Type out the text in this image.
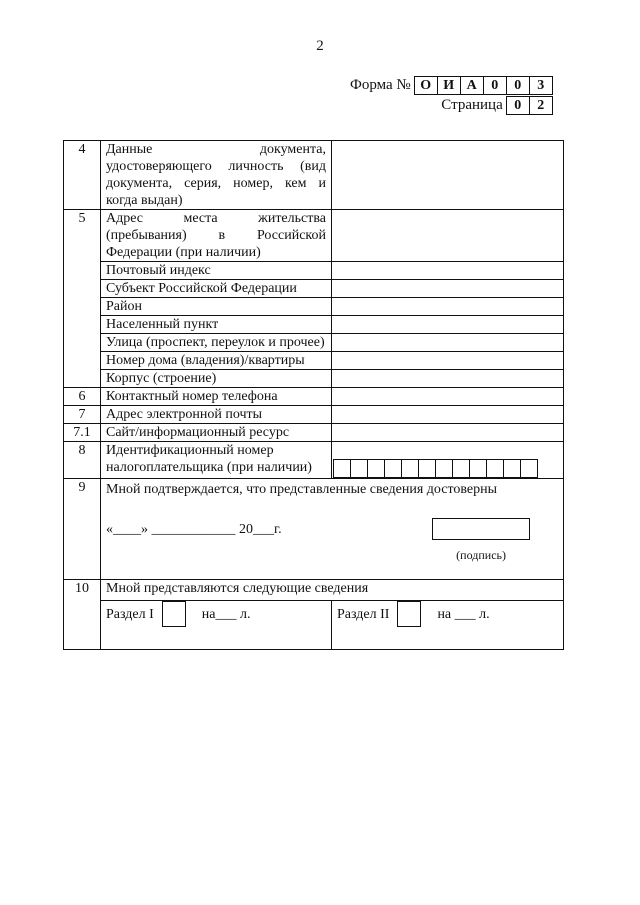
2
Форма № О И А	0	0	3
Страница 0	2
4	Данные документа, удостоверяющего личность (вид документа, серия, номер, кем и когда выдан)	
5	Адрес места жительства (пребывания) в Российской Федерации (при наличии)	
	Почтовый индекс	
	Субъект Российской Федерации	
	Район	
	Населенный пункт	
	Улица (проспект, переулок и прочее)	
	Номер дома (владения)/квартиры	
	Корпус (строение)	
6	Контактный номер телефона	
7	Адрес электронной почты	
7.1	Сайт/информационный ресурс	
8	Идентификационный номер налогоплательщика (при наличии)	

9	Мной подтверждается, что представленные сведения достоверны
«____» ____________ 20___г.
(подпись)	

10	Мной представляются следующие сведения	

	Раздел I на___ л.	Раздел II на ___ л.
